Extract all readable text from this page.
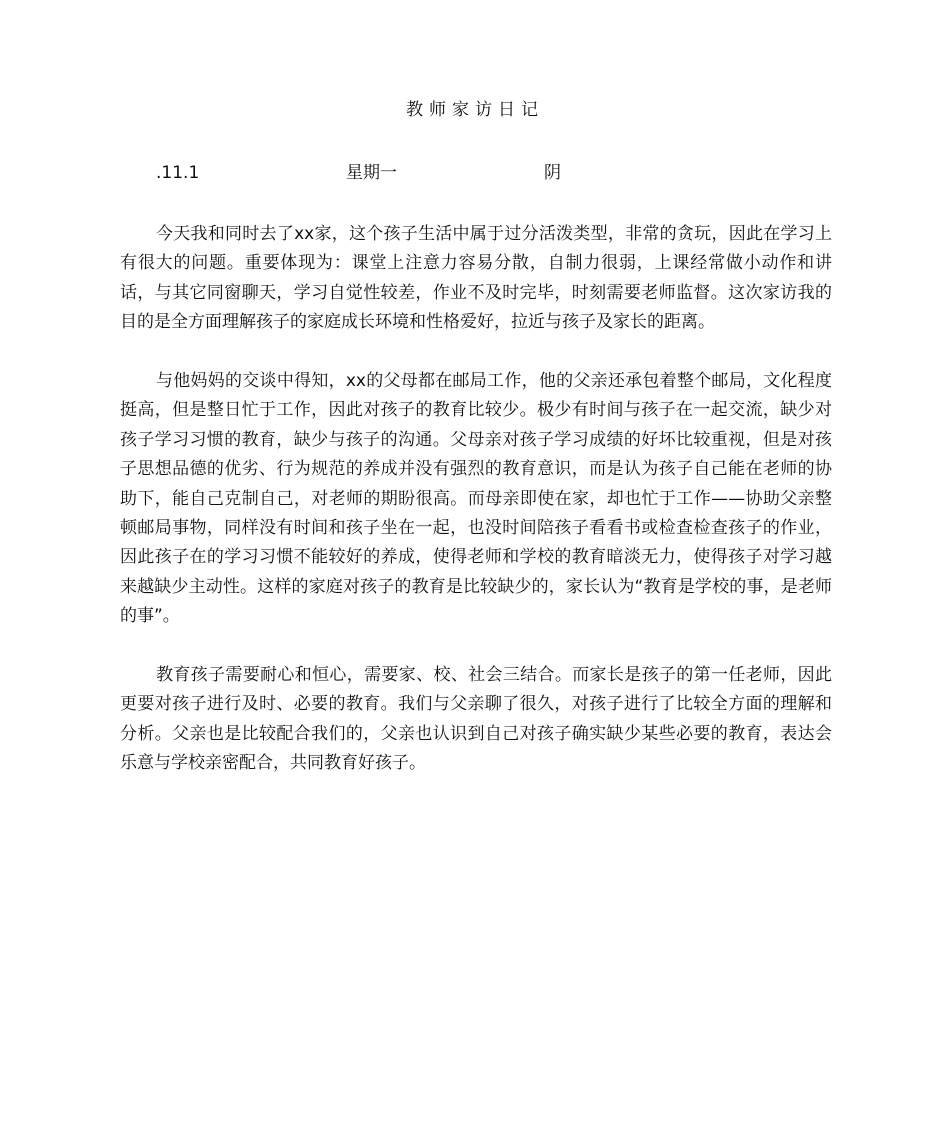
教师家访日记
.11.1	星期一	阴

今天我和同时去了xx家，这个孩子生活中属于过分活泼类型，非常的贪玩，因此在学习上有很大的问题。重要体现为：课堂上注意力容易分散，自制力很弱，上课经常做小动作和讲话，与其它同窗聊天，学习自觉性较差，作业不及时完毕，时刻需要老师监督。这次家访我的目的是全方面理解孩子的家庭成长环境和性格爱好，拉近与孩子及家长的距离。

与他妈妈的交谈中得知，xx的父母都在邮局工作，他的父亲还承包着整个邮局，文化程度挺高，但是整日忙于工作，因此对孩子的教育比较少。极少有时间与孩子在一起交流，缺少对孩子学习习惯的教育，缺少与孩子的沟通。父母亲对孩子学习成绩的好坏比较重视，但是对孩子思想品德的优劣、行为规范的养成并没有强烈的教育意识，而是认为孩子自己能在老师的协助下，能自己克制自己，对老师的期盼很高。而母亲即使在家，却也忙于工作——协助父亲整顿邮局事物，同样没有时间和孩子坐在一起，也没时间陪孩子看看书或检查检查孩子的作业，因此孩子在的学习习惯不能较好的养成，使得老师和学校的教育暗淡无力，使得孩子对学习越来越缺少主动性。这样的家庭对孩子的教育是比较缺少的，家长认为“教育是学校的事，是老师的事”。

教育孩子需要耐心和恒心，需要家、校、社会三结合。而家长是孩子的第一任老师，因此更要对孩子进行及时、必要的教育。我们与父亲聊了很久，对孩子进行了比较全方面的理解和分析。父亲也是比较配合我们的，父亲也认识到自己对孩子确实缺少某些必要的教育，表达会乐意与学校亲密配合，共同教育好孩子。
